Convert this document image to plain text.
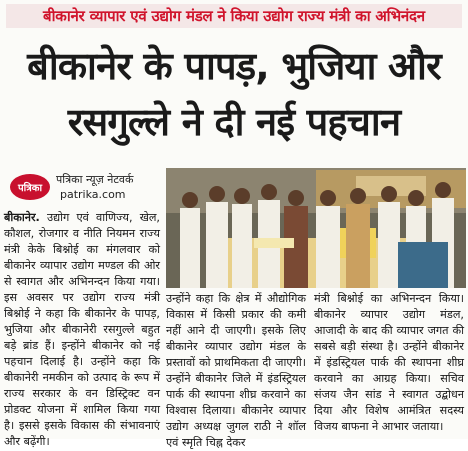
बीकानेर व्यापार एवं उद्योग मंडल ने किया उद्योग राज्य मंत्री का अभिनंदन
बीकानेर के पापड़, भुजिया और
रसगुल्ले ने दी नई पहचान
पत्रिका
पत्रिका न्यूज़ नेटवर्क
patrika.com
बीकानेर. उद्योग एवं वाणिज्य, खेल, कौशल, रोजगार व नीति नियमन राज्य मंत्री केके बिश्नोई का मंगलवार को बीकानेर व्यापार उद्योग मण्डल की ओर से स्वागत और अभिनन्दन किया गया। इस अवसर पर उद्योग राज्य मंत्री बिश्नोई ने कहा कि बीकानेर के पापड़, भुजिया और बीकानेरी रसगुल्ले बहुत बड़े ब्रांड हैं। इन्होंने बीकानेर को नई पहचान दिलाई है। उन्होंने कहा कि बीकानेरी नमकीन को उत्पाद के रूप में राज्य सरकार के वन डिस्ट्रिक्ट वन प्रोडक्ट योजना में शामिल किया गया है। इससे इसके विकास की संभावनाएं और बढ़ेंगी।
उन्होंने कहा कि क्षेत्र में औद्योगिक विकास में किसी प्रकार की कमी नहीं आने दी जाएगी। इसके लिए बीकानेर व्यापार उद्योग मंडल के प्रस्तावों को प्राथमिकता दी जाएगी। उन्होंने बीकानेर जिले में इंडस्ट्रियल पार्क की स्थापना शीघ्र करवाने का विश्वास दिलाया। बीकानेर व्यापार उद्योग अध्यक्ष जुगल राठी ने शॉल एवं स्मृति चिह्न देकर
मंत्री बिश्नोई का अभिनन्दन किया। बीकानेर व्यापार उद्योग मंडल, आजादी के बाद की व्यापार जगत की सबसे बड़ी संस्था है। उन्होंने बीकानेर में इंडस्ट्रियल पार्क की स्थापना शीघ्र करवाने का आग्रह किया। सचिव संजय जैन सांड ने स्वागत उद्बोधन दिया और विशेष आमंत्रित सदस्य विजय बाफना ने आभार जताया।
